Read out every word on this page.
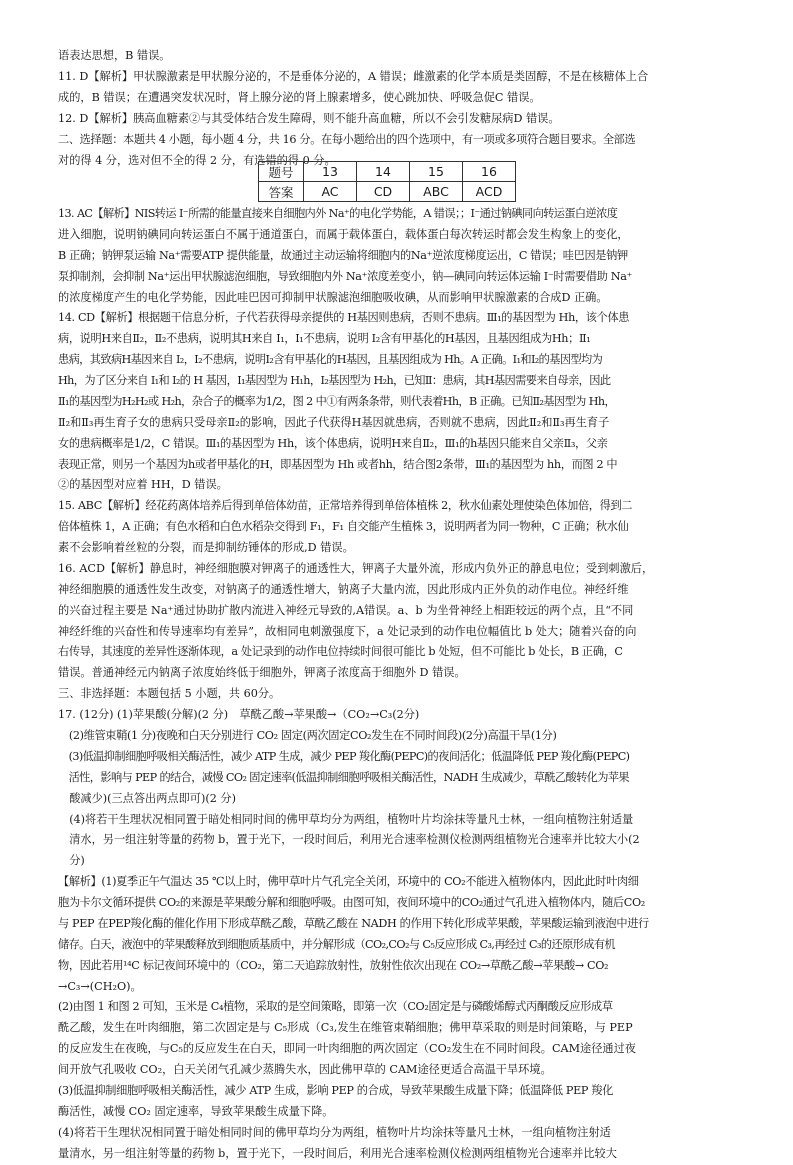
语表达思想，B 错误。
11. D【解析】甲状腺激素是甲状腺分泌的，不是垂体分泌的，A 错误；雌激素的化学本质是类固醇，不是在核糖体上合
成的，B 错误；在遭遇突发状况时，肾上腺分泌的肾上腺素增多，使心跳加快、呼吸急促C 错误。
12. D【解析】胰高血糖素②与其受体结合发生障碍，则不能升高血糖，所以不会引发糖尿病D 错误。
二、选择题：本题共 4 小题，每小题 4 分，共 16 分。在每小题给出的四个选项中，有一项或多项符合题目要求。全部选
对的得 4 分，选对但不全的得 2 分，有选错的得 0 分。
13. AC【解析】NIS转运 I⁻所需的能量直接来自细胞内外 Na⁺的电化学势能，A 错误；；I⁻通过钠碘同向转运蛋白逆浓度
进入细胞，说明钠碘同向转运蛋白不属于通道蛋白，而属于载体蛋白，载体蛋白每次转运时都会发生构象上的变化，
B 正确；钠钾泵运输 Na⁺需要ATP 提供能量，故通过主动运输将细胞内的Na⁺逆浓度梯度运出，C 错误；哇巴因是钠钾
泵抑制剂，会抑制 Na⁺运出甲状腺滤泡细胞，导致细胞内外 Na⁺浓度差变小，钠—碘同向转运体运输 I⁻时需要借助 Na⁺
的浓度梯度产生的电化学势能，因此哇巴因可抑制甲状腺滤泡细胞吸收碘，从而影响甲状腺激素的合成D 正确。
14. CD【解析】根据题干信息分析，子代若获得母亲提供的 H基因则患病，否则不患病。Ⅲ₁的基因型为 Hh，该个体患
病，说明H来自Ⅱ₂，Ⅱ₂不患病，说明其H来自 I₁，I₁不患病，说明 I₂含有甲基化的H基因，且基因组成为Hh；Ⅱ₁
患病，其致病H基因来自 I₂，I₂不患病，说明I₂含有甲基化的H基因，且基因组成为 Hh。A 正确。I₁和I₂的基因型均为
Hh，为了区分来自 I₁和 I₂的 H 基因，I₁基因型为 H₁h，I₂基因型为 H₂h，已知Ⅱ：患病，其H基因需要来自母亲，因此
Ⅱ₁的基因型为H₂H₂或 H₂h，杂合子的概率为1/2，图 2 中①有两条条带，则代表着Hh，B 正确。已知Ⅱ₂基因型为 Hh，
Ⅱ₂和Ⅱ₃再生育子女的患病只受母亲Ⅱ₂的影响，因此子代获得H基因就患病，否则就不患病，因此Ⅱ₂和Ⅱ₃再生育子
女的患病概率是1/2，C 错误。Ⅲ₁的基因型为 Hh，该个体患病，说明H来自Ⅱ₂，Ⅲ₁的h基因只能来自父亲Ⅱ₃，父亲
表现正常，则另一个基因为h或者甲基化的H，即基因型为 Hh 或者hh，结合图2条带，Ⅲ₁的基因型为 hh，而图 2 中
②的基因型对应着 HH，D 错误。
15. ABC【解析】经花药离体培养后得到单倍体幼苗，正常培养得到单倍体植株 2，秋水仙素处理使染色体加倍，得到二
倍体植株 1，A 正确；有色水稻和白色水稻杂交得到 F₁，F₁ 自交能产生植株 3，说明两者为同一物种，C 正确；秋水仙
素不会影响着丝粒的分裂，而是抑制纺锤体的形成,D 错误。
16. ACD【解析】静息时，神经细胞膜对钾离子的通透性大，钾离子大量外流，形成内负外正的静息电位；受到刺激后，
神经细胞膜的通透性发生改变，对钠离子的通透性增大，钠离子大量内流，因此形成内正外负的动作电位。神经纤维
的兴奋过程主要是 Na⁺通过协助扩散内流进入神经元导致的,A错误。a、b 为坐骨神经上相距较远的两个点，且“不同
神经纤维的兴奋性和传导速率均有差异”，故相同电刺激强度下，a 处记录到的动作电位幅值比 b 处大；随着兴奋的向
右传导，其速度的差异性逐渐体现，a 处记录到的动作电位持续时间很可能比 b 处短，但不可能比 b 处长，B 正确，C
错误。普通神经元内钠离子浓度始终低于细胞外，钾离子浓度高于细胞外 D 错误。
三、非选择题：本题包括 5 小题，共 60分。
17. (12分) (1)苹果酸(分解)(2 分)　草酰乙酸→苹果酸→（CO₂→C₃(2分)
　(2)维管束鞘(1 分)夜晚和白天分别进行 CO₂ 固定(两次固定CO₂发生在不同时间段)(2分)高温干旱(1分)
　(3)低温抑制细胞呼吸相关酶活性，减少 ATP 生成，减少 PEP 羧化酶(PEPC)的夜间活化；低温降低 PEP 羧化酶(PEPC)
　活性，影响与 PEP 的结合，减慢 CO₂ 固定速率(低温抑制细胞呼吸相关酶活性，NADH 生成减少，草酰乙酸转化为苹果
　酸减少)(三点答出两点即可)(2 分)
　(4)将若干生理状况相同置于暗处相同时间的佛甲草均分为两组，植物叶片均涂抹等量凡士林，一组向植物注射适量
　清水，另一组注射等量的药物 b，置于光下，一段时间后，利用光合速率检测仪检测两组植物光合速率并比较大小(2
　分)
【解析】(1)夏季正午气温达 35 ℃以上时，佛甲草叶片气孔完全关闭，环境中的 CO₂不能进入植物体内，因此此时叶肉细
胞为卡尔文循环提供 CO₂的来源是苹果酸分解和细胞呼吸。由图可知，夜间环境中的CO₂通过气孔进入植物体内，随后CO₂
与 PEP 在PEP羧化酶的催化作用下形成草酰乙酸，草酰乙酸在 NADH 的作用下转化形成苹果酸，苹果酸运输到液泡中进行
储存。白天，液泡中的苹果酸释放到细胞质基质中，并分解形成（CO₂,CO₂与 C₅反应形成 C₃,再经过 C₃的还原形成有机
物，因此若用¹⁴C 标记夜间环境中的（CO₂，第二天追踪放射性，放射性依次出现在 CO₂→草酰乙酸→苹果酸→ CO₂
→C₃→(CH₂O)。
(2)由图 1 和图 2 可知，玉米是 C₄植物，采取的是空间策略，即第一次（CO₂固定是与磷酸烯醇式丙酮酸反应形成草
酰乙酸，发生在叶肉细胞，第二次固定是与 C₅形成（C₃,发生在维管束鞘细胞；佛甲草采取的则是时间策略，与 PEP
的反应发生在夜晚，与C₅的反应发生在白天，即同一叶肉细胞的两次固定（CO₂发生在不同时间段。CAM途径通过夜
间开放气孔吸收 CO₂，白天关闭气孔减少蒸腾失水，因此佛甲草的 CAM途径更适合高温干旱环境。
(3)低温抑制细胞呼吸相关酶活性，减少 ATP 生成，影响 PEP 的合成，导致苹果酸生成量下降；低温降低 PEP 羧化
酶活性，减慢 CO₂ 固定速率，导致苹果酸生成量下降。
(4)将若干生理状况相同置于暗处相同时间的佛甲草均分为两组，植物叶片均涂抹等量凡士林，一组向植物注射适
量清水，另一组注射等量的药物 b，置于光下，一段时间后，利用光合速率检测仪检测两组植物光合速率并比较大
题号	13	14	15	16
答案	AC	CD	ABC	ACD
